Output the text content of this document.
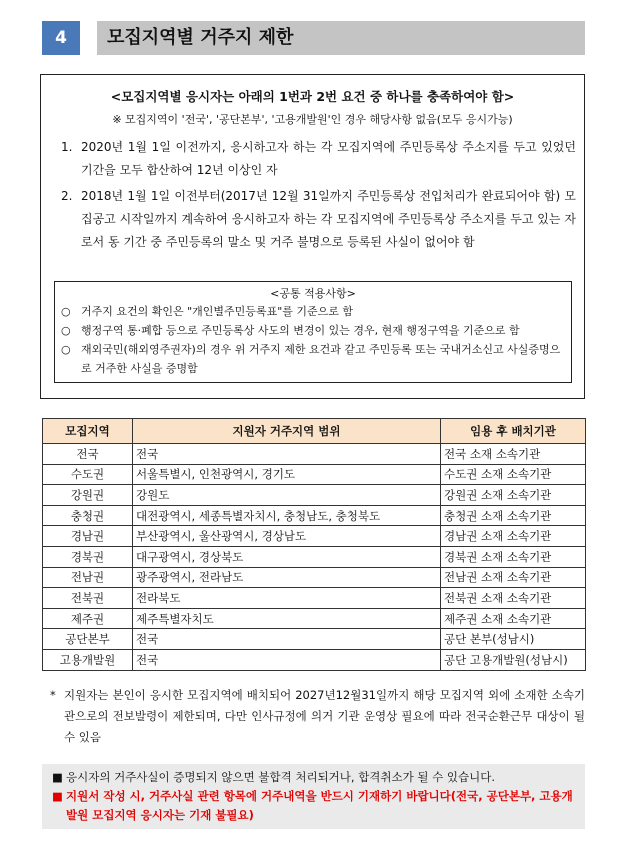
4	모집지역별 거주지 제한
<모집지역별 응시자는 아래의 1번과 2번 요건 중 하나를 충족하여야 함>
※ 모집지역이 '전국', '공단본부', '고용개발원'인 경우 해당사항 없음(모두 응시가능)
1. 2020년 1월 1일 이전까지, 응시하고자 하는 각 모집지역에 주민등록상 주소지를 두고 있었던 기간을 모두 합산하여 12년 이상인 자
2. 2018년 1월 1일 이전부터(2017년 12월 31일까지 주민등록상 전입처리가 완료되어야 함) 모집공고 시작일까지 계속하여 응시하고자 하는 각 모집지역에 주민등록상 주소지를 두고 있는 자로서 동 기간 중 주민등록의 말소 및 거주 불명으로 등록된 사실이 없어야 함
<공통 적용사항>
○ 거주지 요건의 확인은 "개인별주민등록표"를 기준으로 함
○ 행정구역 통‧폐합 등으로 주민등록상 사도의 변경이 있는 경우, 현재 행정구역을 기준으로 함
○ 재외국민(해외영주권자)의 경우 위 거주지 제한 요건과 같고 주민등록 또는 국내거소신고 사실증명으로 거주한 사실을 증명함
모집지역	지원자 거주지역 범위	임용 후 배치기관
전국	전국	전국 소재 소속기관
수도권	서울특별시, 인천광역시, 경기도	수도권 소재 소속기관
강원권	강원도	강원권 소재 소속기관
충청권	대전광역시, 세종특별자치시, 충청남도, 충청북도	충청권 소재 소속기관
경남권	부산광역시, 울산광역시, 경상남도	경남권 소재 소속기관
경북권	대구광역시, 경상북도	경북권 소재 소속기관
전남권	광주광역시, 전라남도	전남권 소재 소속기관
전북권	전라북도	전북권 소재 소속기관
제주권	제주특별자치도	제주권 소재 소속기관
공단본부	전국	공단 본부(성남시)
고용개발원	전국	공단 고용개발원(성남시)
* 지원자는 본인이 응시한 모집지역에 배치되어 2027년12월31일까지 해당 모집지역 외에 소재한 소속기관으로의 전보발령이 제한되며, 다만 인사규정에 의거 기관 운영상 필요에 따라 전국순환근무 대상이 될 수 있음
■ 응시자의 거주사실이 증명되지 않으면 불합격 처리되거나, 합격취소가 될 수 있습니다.
■ 지원서 작성 시, 거주사실 관련 항목에 거주내역을 반드시 기재하기 바랍니다(전국, 공단본부, 고용개발원 모집지역 응시자는 기재 불필요)
